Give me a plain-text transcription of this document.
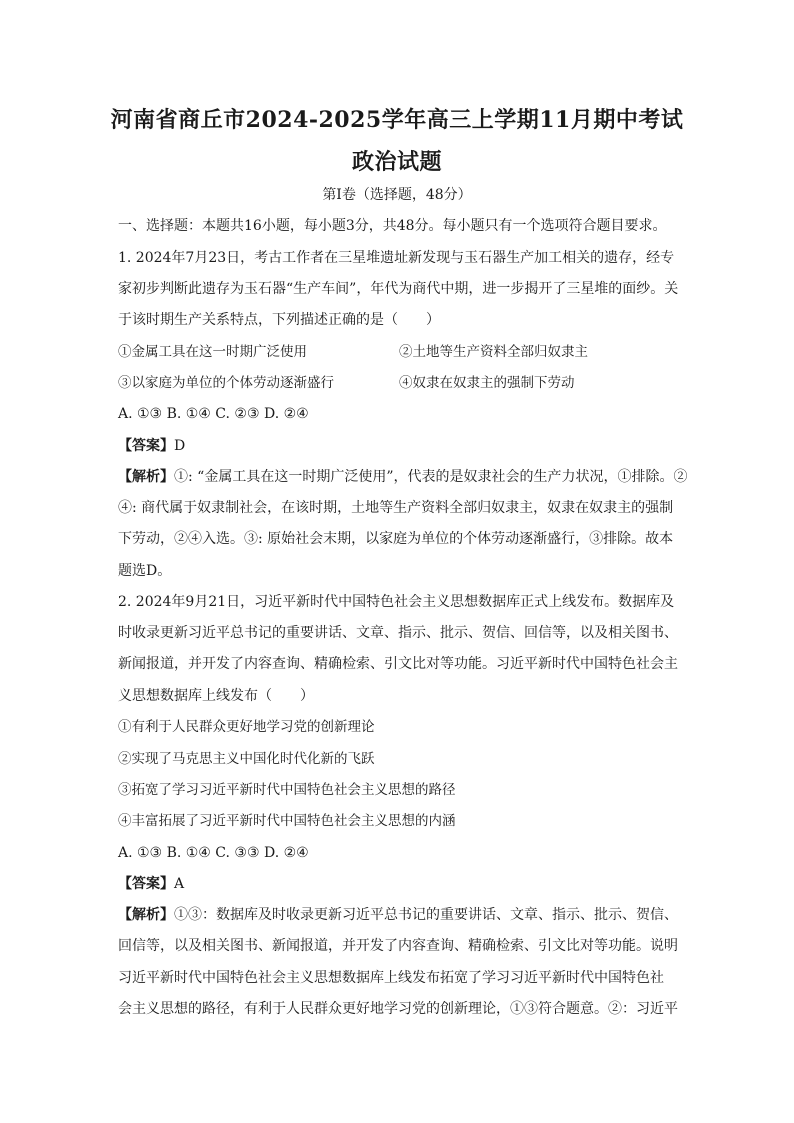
河南省商丘市2024-2025学年高三上学期11月期中考试
政治试题
第Ⅰ卷（选择题，48分）
一、选择题：本题共16小题，每小题3分，共48分。每小题只有一个选项符合题目要求。
1. 2024年7月23日，考古工作者在三星堆遗址新发现与玉石器生产加工相关的遗存，经专
家初步判断此遗存为玉石器“生产车间”，年代为商代中期，进一步揭开了三星堆的面纱。关
于该时期生产关系特点，下列描述正确的是（　　）
①金属工具在这一时期广泛使用	②土地等生产资料全部归奴隶主
③以家庭为单位的个体劳动逐渐盛行	④奴隶在奴隶主的强制下劳动
A. ①③ B. ①④ C. ②③ D. ②④
【答案】D
【解析】①: “金属工具在这一时期广泛使用”，代表的是奴隶社会的生产力状况，①排除。②
④: 商代属于奴隶制社会，在该时期，土地等生产资料全部归奴隶主，奴隶在奴隶主的强制
下劳动，②④入选。③: 原始社会末期，以家庭为单位的个体劳动逐渐盛行，③排除。故本
题选D。
2. 2024年9月21日，习近平新时代中国特色社会主义思想数据库正式上线发布。数据库及
时收录更新习近平总书记的重要讲话、文章、指示、批示、贺信、回信等，以及相关图书、
新闻报道，并开发了内容查询、精确检索、引文比对等功能。习近平新时代中国特色社会主
义思想数据库上线发布（　　）
①有利于人民群众更好地学习党的创新理论
②实现了马克思主义中国化时代化新的飞跃
③拓宽了学习习近平新时代中国特色社会主义思想的路径
④丰富拓展了习近平新时代中国特色社会主义思想的内涵
A. ①③ B. ①④ C. ③③ D. ②④
【答案】A
【解析】①③：数据库及时收录更新习近平总书记的重要讲话、文章、指示、批示、贺信、
回信等，以及相关图书、新闻报道，并开发了内容查询、精确检索、引文比对等功能。说明
习近平新时代中国特色社会主义思想数据库上线发布拓宽了学习习近平新时代中国特色社
会主义思想的路径，有利于人民群众更好地学习党的创新理论，①③符合题意。②：习近平
